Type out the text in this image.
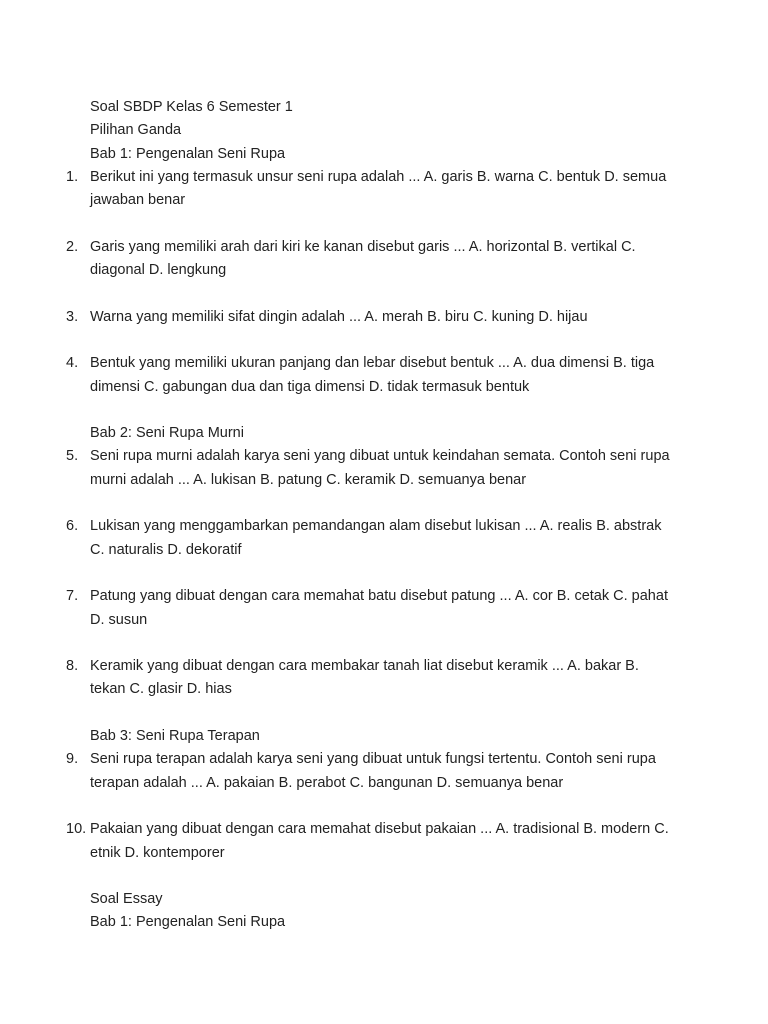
Soal SBDP Kelas 6 Semester 1
Pilihan Ganda
Bab 1: Pengenalan Seni Rupa
1. Berikut ini yang termasuk unsur seni rupa adalah ... A. garis B. warna C. bentuk D. semua jawaban benar
2. Garis yang memiliki arah dari kiri ke kanan disebut garis ... A. horizontal B. vertikal C. diagonal D. lengkung
3. Warna yang memiliki sifat dingin adalah ... A. merah B. biru C. kuning D. hijau
4. Bentuk yang memiliki ukuran panjang dan lebar disebut bentuk ... A. dua dimensi B. tiga dimensi C. gabungan dua dan tiga dimensi D. tidak termasuk bentuk
Bab 2: Seni Rupa Murni
5. Seni rupa murni adalah karya seni yang dibuat untuk keindahan semata. Contoh seni rupa murni adalah ... A. lukisan B. patung C. keramik D. semuanya benar
6. Lukisan yang menggambarkan pemandangan alam disebut lukisan ... A. realis B. abstrak C. naturalis D. dekoratif
7. Patung yang dibuat dengan cara memahat batu disebut patung ... A. cor B. cetak C. pahat D. susun
8. Keramik yang dibuat dengan cara membakar tanah liat disebut keramik ... A. bakar B. tekan C. glasir D. hias
Bab 3: Seni Rupa Terapan
9. Seni rupa terapan adalah karya seni yang dibuat untuk fungsi tertentu. Contoh seni rupa terapan adalah ... A. pakaian B. perabot C. bangunan D. semuanya benar
10. Pakaian yang dibuat dengan cara memahat disebut pakaian ... A. tradisional B. modern C. etnik D. kontemporer
Soal Essay
Bab 1: Pengenalan Seni Rupa
